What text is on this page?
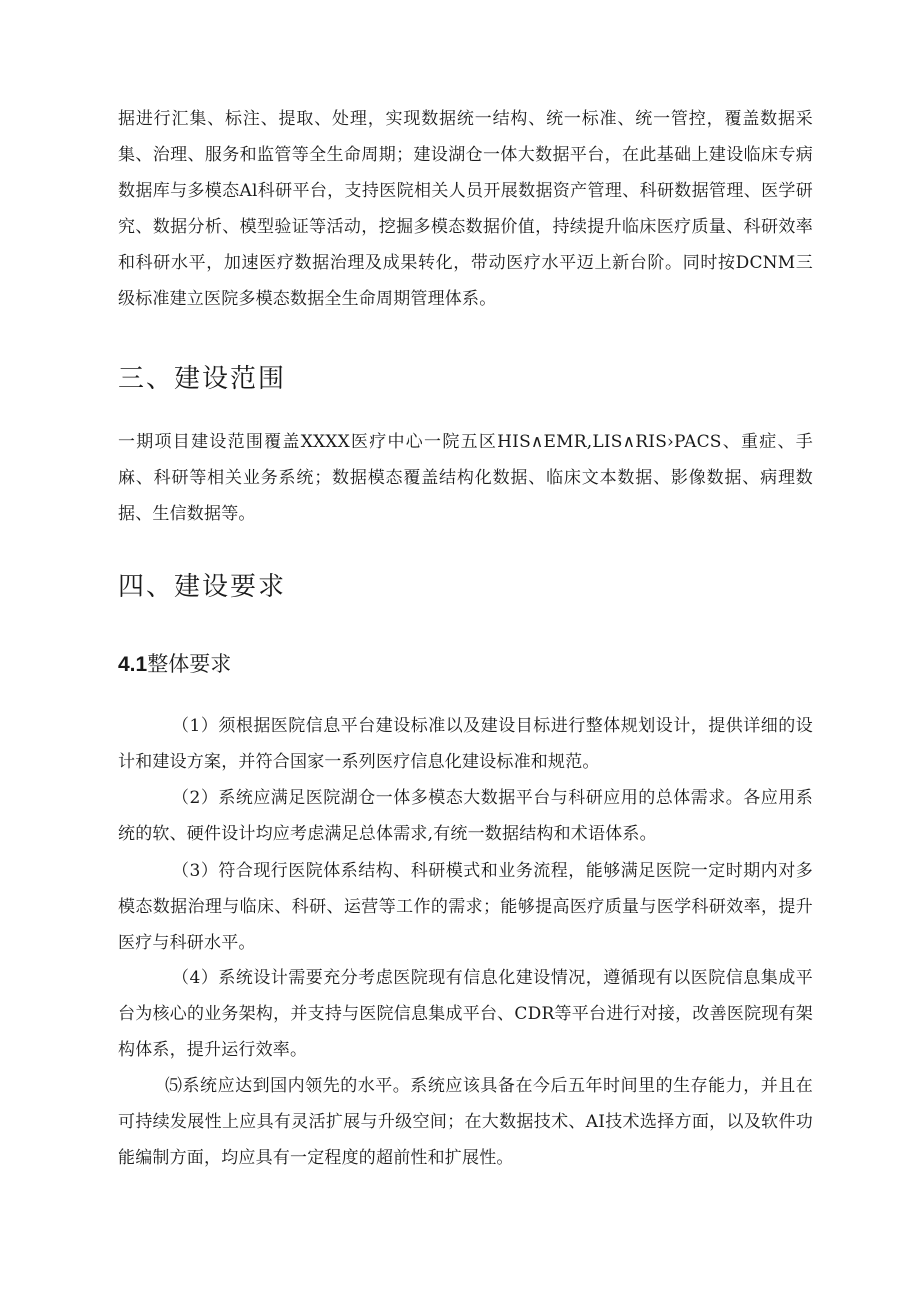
据进行汇集、标注、提取、处理，实现数据统一结构、统一标准、统一管控，覆盖数据采集、治理、服务和监管等全生命周期；建设湖仓一体大数据平台，在此基础上建设临床专病数据库与多模态Al科研平台，支持医院相关人员开展数据资产管理、科研数据管理、医学研究、数据分析、模型验证等活动，挖掘多模态数据价值，持续提升临床医疗质量、科研效率和科研水平，加速医疗数据治理及成果转化，带动医疗水平迈上新台阶。同时按DCNM三级标准建立医院多模态数据全生命周期管理体系。

三、建设范围

一期项目建设范围覆盖XXXX医疗中心一院五区HIS∧EMR,LIS∧RIS›PACS、重症、手麻、科研等相关业务系统；数据模态覆盖结构化数据、临床文本数据、影像数据、病理数据、生信数据等。

四、建设要求
4.1整体要求

（1）须根据医院信息平台建设标准以及建设目标进行整体规划设计，提供详细的设计和建设方案，并符合国家一系列医疗信息化建设标准和规范。

（2）系统应满足医院湖仓一体多模态大数据平台与科研应用的总体需求。各应用系统的软、硬件设计均应考虑满足总体需求,有统一数据结构和术语体系。

（3）符合现行医院体系结构、科研模式和业务流程，能够满足医院一定时期内对多模态数据治理与临床、科研、运营等工作的需求；能够提高医疗质量与医学科研效率，提升医疗与科研水平。

（4）系统设计需要充分考虑医院现有信息化建设情况，遵循现有以医院信息集成平台为核心的业务架构，并支持与医院信息集成平台、CDR等平台进行对接，改善医院现有架构体系，提升运行效率。

⑸系统应达到国内领先的水平。系统应该具备在今后五年时间里的生存能力，并且在可持续发展性上应具有灵活扩展与升级空间；在大数据技术、AI技术选择方面，以及软件功能编制方面，均应具有一定程度的超前性和扩展性。
